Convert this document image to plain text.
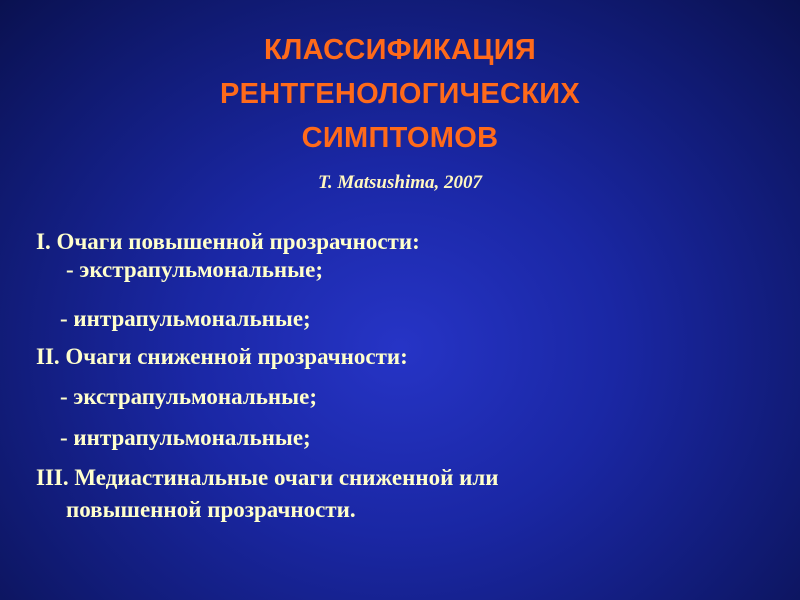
КЛАССИФИКАЦИЯ
РЕНТГЕНОЛОГИЧЕСКИХ
СИМПТОМОВ
T. Matsushima, 2007
I. Очаги повышенной прозрачности:
- экстрапульмональные;
- интрапульмональные;
II. Очаги сниженной прозрачности:
- экстрапульмональные;
- интрапульмональные;
III. Медиастинальные очаги сниженной или
повышенной прозрачности.
